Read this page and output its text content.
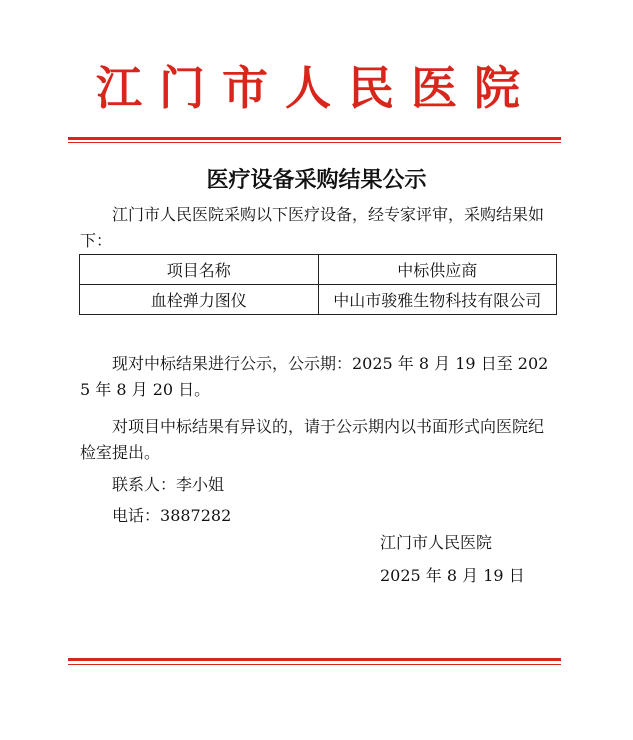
江门市人民医院
医疗设备采购结果公示

江门市人民医院采购以下医疗设备，经专家评审，采购结果如下：

项目名称	中标供应商
血栓弹力图仪	中山市骏雅生物科技有限公司

现对中标结果进行公示，公示期：2025 年 8 月 19 日至 2025 年 8 月 20 日。

对项目中标结果有异议的，请于公示期内以书面形式向医院纪检室提出。

联系人：李小姐
电话：3887282
江门市人民医院
2025 年 8 月 19 日
